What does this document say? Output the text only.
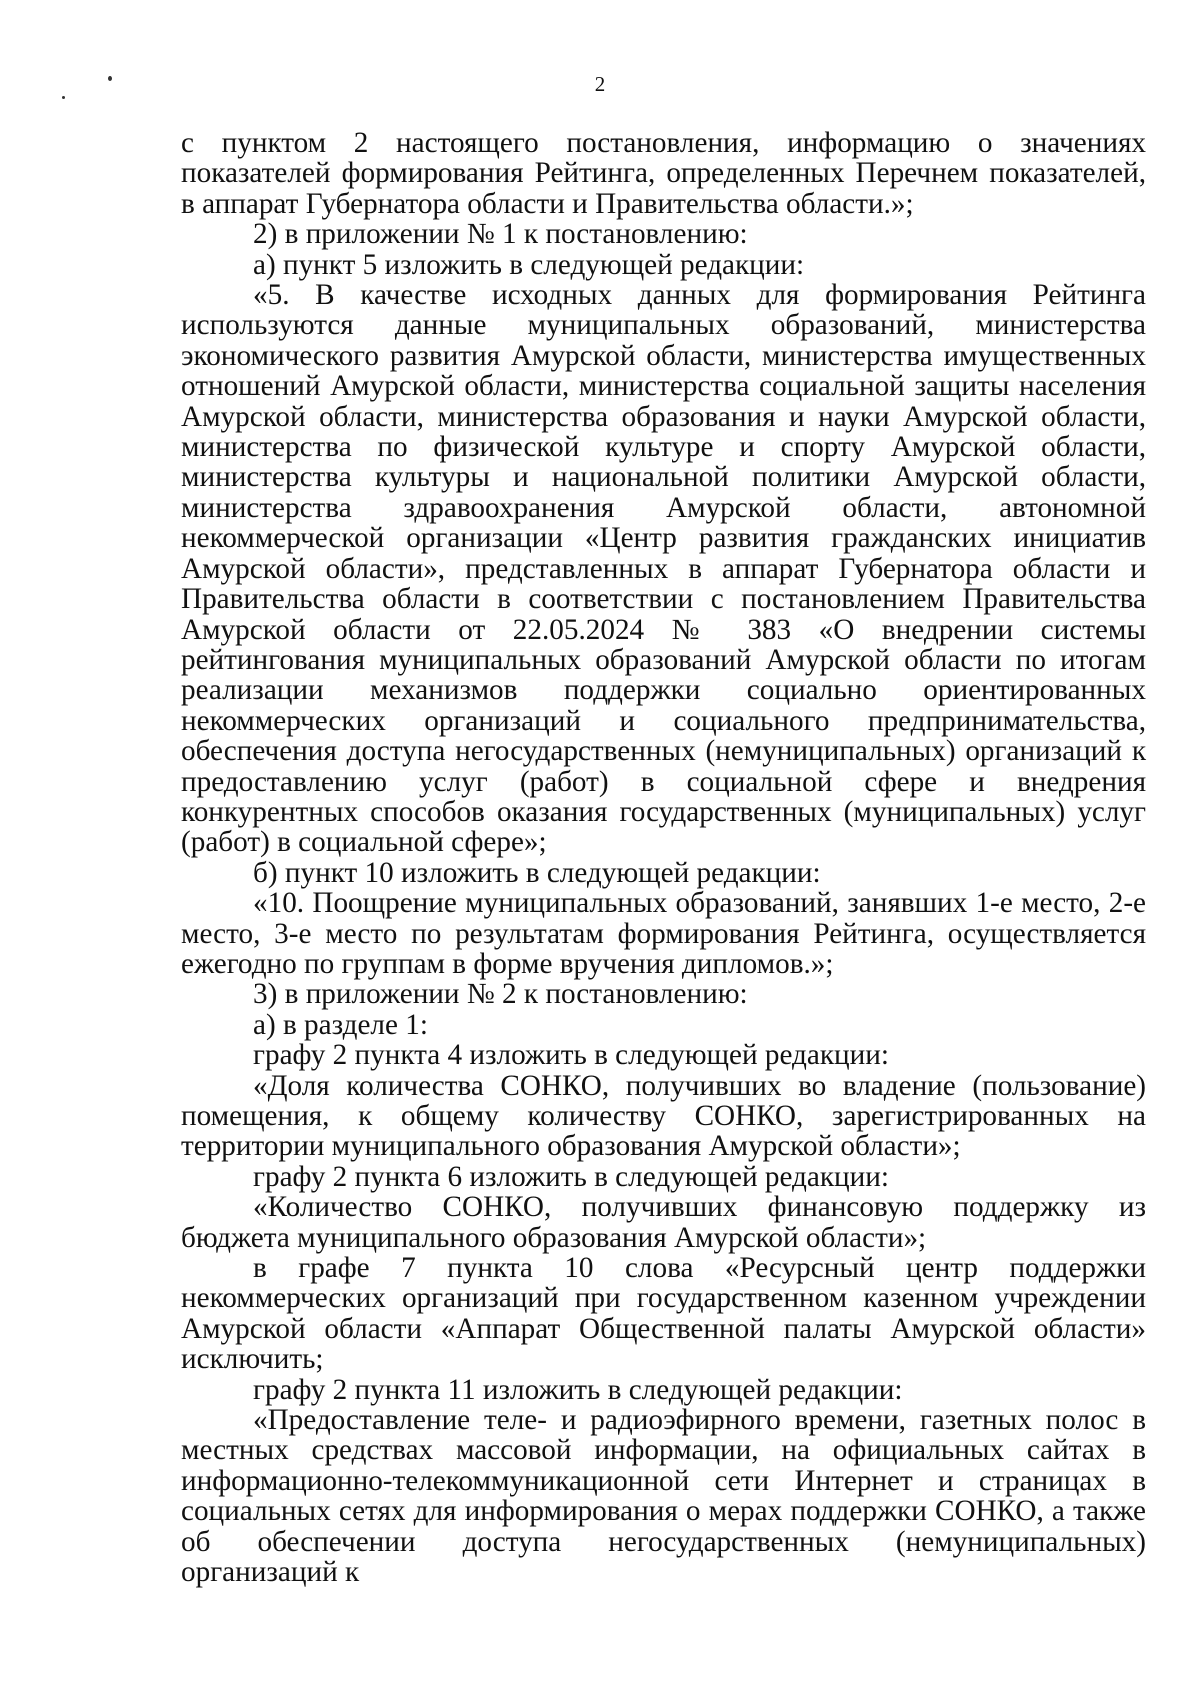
2

с пунктом 2 настоящего постановления, информацию о значениях показателей формирования Рейтинга, определенных Перечнем показателей, в аппарат Губернатора области и Правительства области.»;

2) в приложении № 1 к постановлению:

а) пункт 5 изложить в следующей редакции:

«5. В качестве исходных данных для формирования Рейтинга используются данные муниципальных образований, министерства экономического развития Амурской области, министерства имущественных отношений Амурской области, министерства социальной защиты населения Амурской области, министерства образования и науки Амурской области, министерства по физической культуре и спорту Амурской области, министерства культуры и национальной политики Амурской области, министерства здравоохранения Амурской области, автономной некоммерческой организации «Центр развития гражданских инициатив Амурской области», представленных в аппарат Губернатора области и Правительства области в соответствии с постановлением Правительства Амурской области от 22.05.2024 № 383 «О внедрении системы рейтингования муниципальных образований Амурской области по итогам реализации механизмов поддержки социально ориентированных некоммерческих организаций и социального предпринимательства, обеспечения доступа негосударственных (немуниципальных) организаций к предоставлению услуг (работ) в социальной сфере и внедрения конкурентных способов оказания государственных (муниципальных) услуг (работ) в социальной сфере»;

б) пункт 10 изложить в следующей редакции:

«10. Поощрение муниципальных образований, занявших 1-е место, 2-е место, 3-е место по результатам формирования Рейтинга, осуществляется ежегодно по группам в форме вручения дипломов.»;

3) в приложении № 2 к постановлению:

а) в разделе 1:

графу 2 пункта 4 изложить в следующей редакции:

«Доля количества СОНКО, получивших во владение (пользование) помещения, к общему количеству СОНКО, зарегистрированных на территории муниципального образования Амурской области»;

графу 2 пункта 6 изложить в следующей редакции:

«Количество СОНКО, получивших финансовую поддержку из бюджета муниципального образования Амурской области»;

в графе 7 пункта 10 слова «Ресурсный центр поддержки некоммерческих организаций при государственном казенном учреждении Амурской области «Аппарат Общественной палаты Амурской области» исключить;

графу 2 пункта 11 изложить в следующей редакции:

«Предоставление теле- и радиоэфирного времени, газетных полос в местных средствах массовой информации, на официальных сайтах в информационно-телекоммуникационной сети Интернет и страницах в социальных сетях для информирования о мерах поддержки СОНКО, а также об обеспечении доступа негосударственных (немуниципальных) организаций к
